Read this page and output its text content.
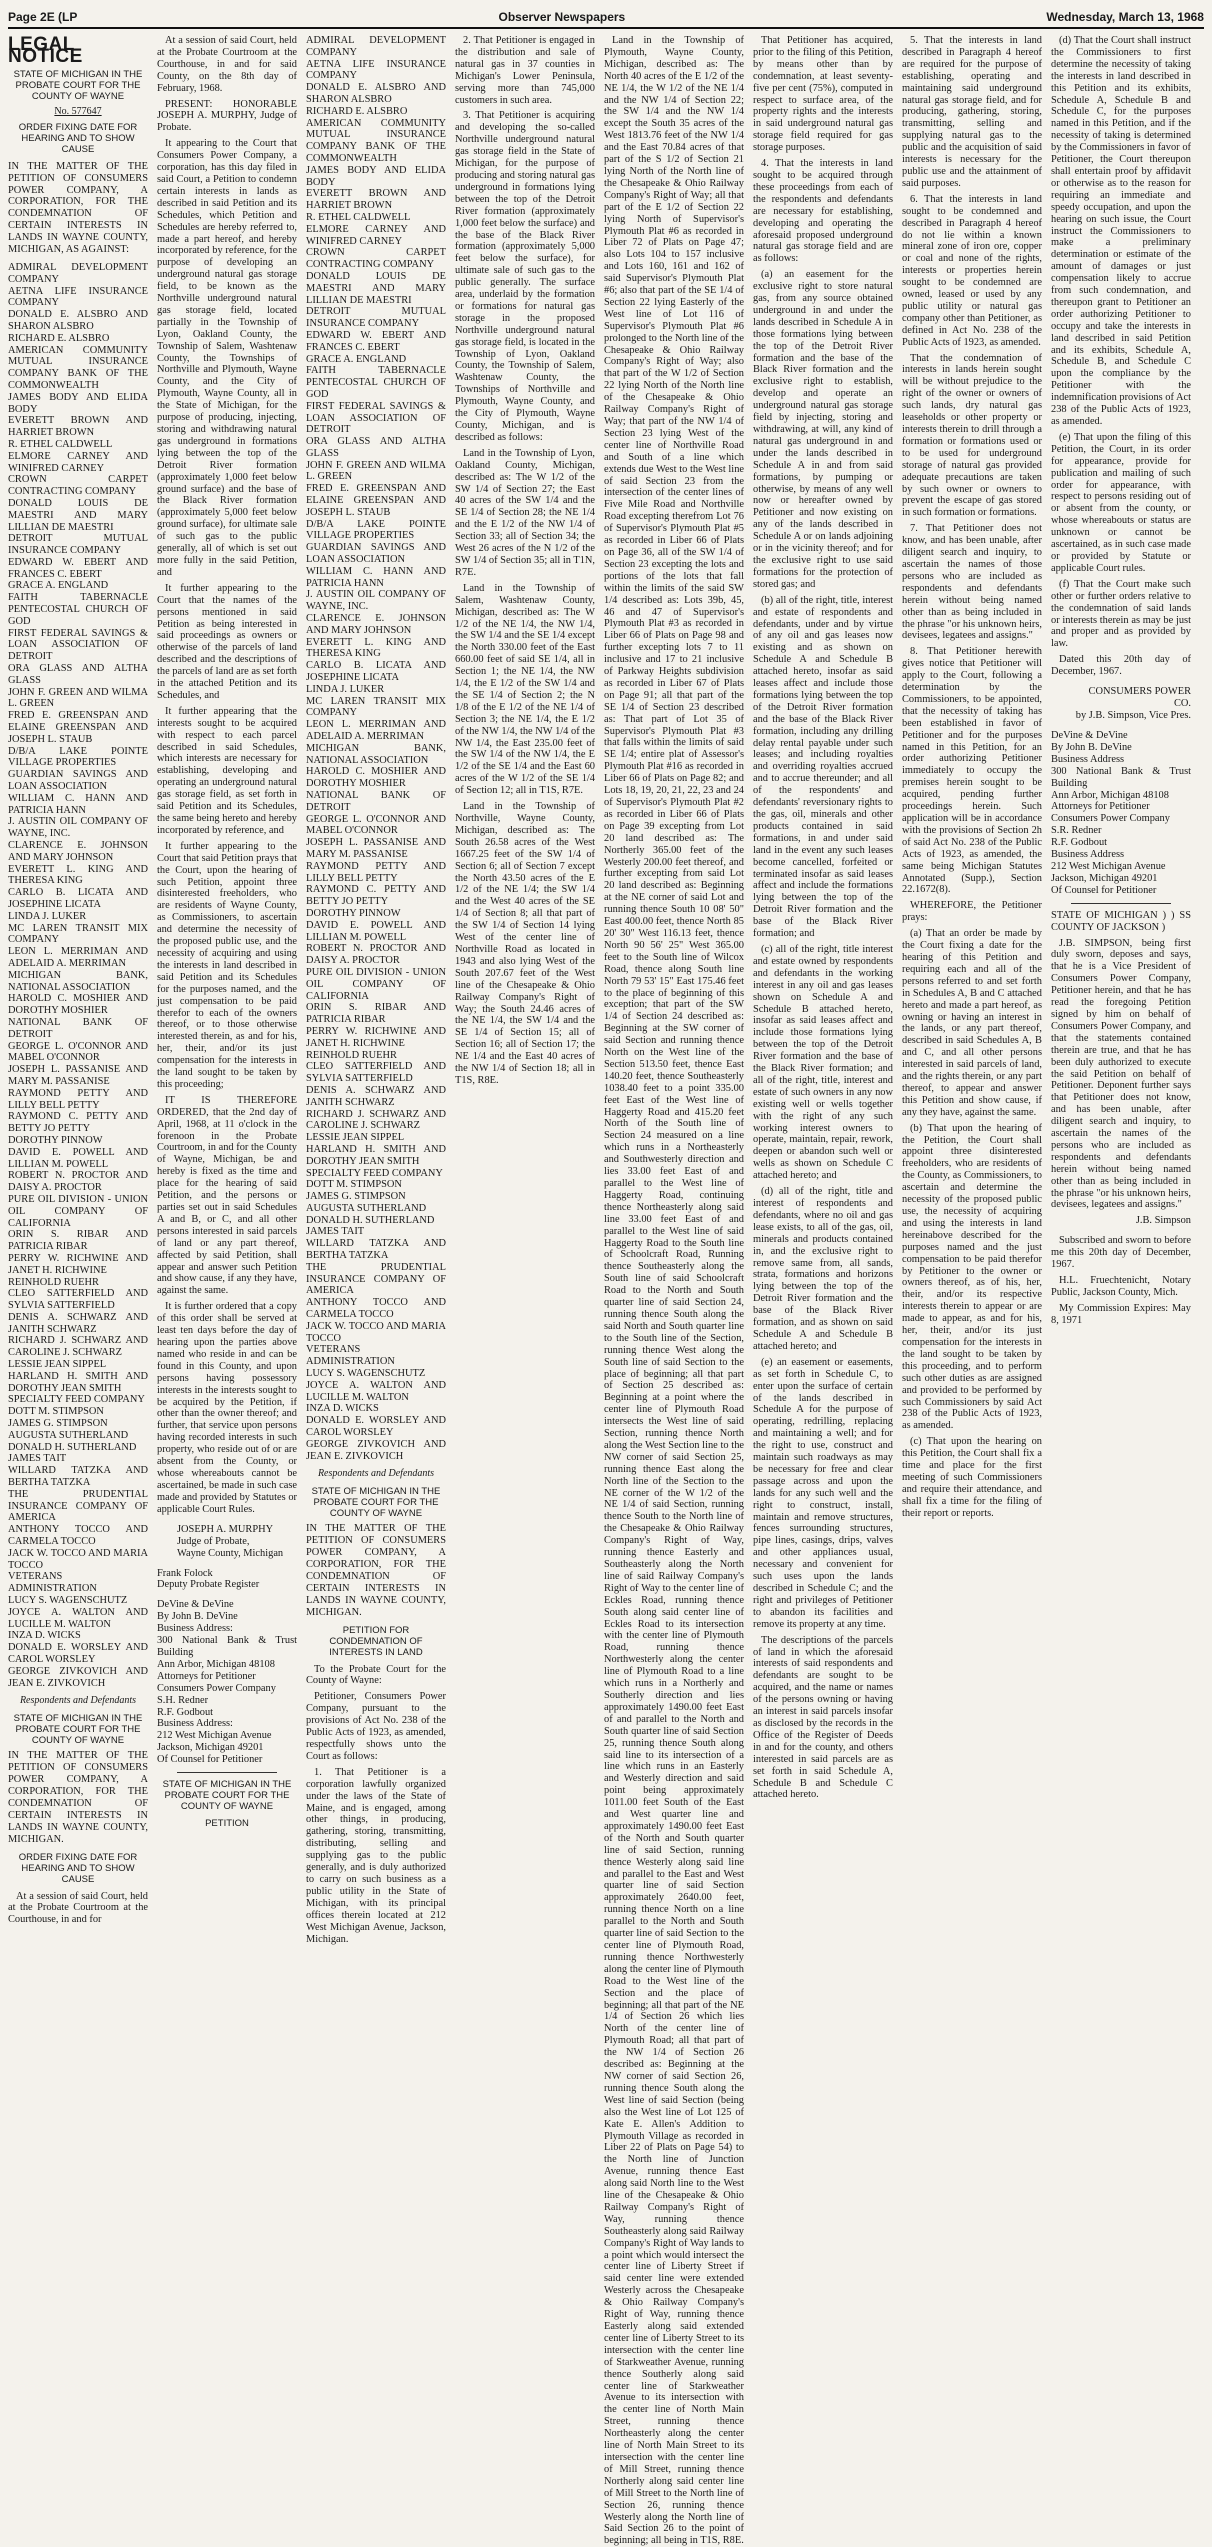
Page 2E (LP	Observer Newspapers	Wednesday, March 13, 1968
LEGAL NOTICE
STATE OF MICHIGAN IN THE PROBATE COURT FOR THE COUNTY OF WAYNE
No. 577647
ORDER FIXING DATE FOR HEARING AND TO SHOW CAUSE
IN THE MATTER OF THE PETITION OF CONSUMERS POWER COMPANY, A CORPORATION, FOR THE CONDEMNATION OF CERTAIN INTERESTS IN LANDS IN WAYNE COUNTY, MICHIGAN, AS AGAINST:
ADMIRAL DEVELOPMENT COMPANY
AETNA LIFE INSURANCE COMPANY
DONALD E. ALSBRO AND SHARON ALSBRO
RICHARD E. ALSBRO
AMERICAN COMMUNITY MUTUAL INSURANCE COMPANY BANK OF THE COMMONWEALTH
JAMES BODY AND ELIDA BODY
EVERETT BROWN AND HARRIET BROWN
R. ETHEL CALDWELL
ELMORE CARNEY AND WINIFRED CARNEY
CROWN CARPET CONTRACTING COMPANY
DONALD LOUIS DE MAESTRI AND MARY LILLIAN DE MAESTRI
DETROIT MUTUAL INSURANCE COMPANY
EDWARD W. EBERT AND FRANCES C. EBERT
GRACE A. ENGLAND
FAITH TABERNACLE PENTECOSTAL CHURCH OF GOD
FIRST FEDERAL SAVINGS & LOAN ASSOCIATION OF DETROIT
ORA GLASS AND ALTHA GLASS
JOHN F. GREEN AND WILMA L. GREEN
FRED E. GREENSPAN AND ELAINE GREENSPAN AND JOSEPH L. STAUB
D/B/A LAKE POINTE VILLAGE PROPERTIES
GUARDIAN SAVINGS AND LOAN ASSOCIATION
WILLIAM C. HANN AND PATRICIA HANN
J. AUSTIN OIL COMPANY OF WAYNE, INC.
CLARENCE E. JOHNSON AND MARY JOHNSON
EVERETT L. KING AND THERESA KING
CARLO B. LICATA AND JOSEPHINE LICATA
LINDA J. LUKER
MC LAREN TRANSIT MIX COMPANY
LEON L. MERRIMAN AND ADELAID A. MERRIMAN
MICHIGAN BANK, NATIONAL ASSOCIATION
HAROLD C. MOSHIER AND DOROTHY MOSHIER
NATIONAL BANK OF DETROIT
GEORGE L. O'CONNOR AND MABEL O'CONNOR
JOSEPH L. PASSANISE AND MARY M. PASSANISE
RAYMOND PETTY AND LILLY BELL PETTY
RAYMOND C. PETTY AND BETTY JO PETTY
DOROTHY PINNOW
DAVID E. POWELL AND LILLIAN M. POWELL
ROBERT N. PROCTOR AND DAISY A. PROCTOR
PURE OIL DIVISION - UNION OIL COMPANY OF CALIFORNIA
ORIN S. RIBAR AND PATRICIA RIBAR
PERRY W. RICHWINE AND JANET H. RICHWINE
REINHOLD RUEHR
CLEO SATTERFIELD AND SYLVIA SATTERFIELD
DENIS A. SCHWARZ AND JANITH SCHWARZ
RICHARD J. SCHWARZ AND CAROLINE J. SCHWARZ
LESSIE JEAN SIPPEL
HARLAND H. SMITH AND DOROTHY JEAN SMITH
SPECIALTY FEED COMPANY
DOTT M. STIMPSON
JAMES G. STIMPSON
AUGUSTA SUTHERLAND
DONALD H. SUTHERLAND
JAMES TAIT
WILLARD TATZKA AND BERTHA TATZKA
THE PRUDENTIAL INSURANCE COMPANY OF AMERICA
ANTHONY TOCCO AND CARMELA TOCCO
JACK W. TOCCO AND MARIA TOCCO
VETERANS ADMINISTRATION
LUCY S. WAGENSCHUTZ
JOYCE A. WALTON AND LUCILLE M. WALTON
INZA D. WICKS
DONALD E. WORSLEY AND CAROL WORSLEY
GEORGE ZIVKOVICH AND JEAN E. ZIVKOVICH
Respondents and Defendants
STATE OF MICHIGAN IN THE PROBATE COURT FOR THE COUNTY OF WAYNE
IN THE MATTER OF THE PETITION OF CONSUMERS POWER COMPANY, A CORPORATION, FOR THE CONDEMNATION OF CERTAIN INTERESTS IN LANDS IN WAYNE COUNTY, MICHIGAN.
ORDER FIXING DATE FOR HEARING AND TO SHOW CAUSE

At a session of said Court, held at the Probate Courtroom at the Courthouse, in and for

At a session of said Court, held at the Probate Courtroom at the Courthouse, in and for said County, on the 8th day of February, 1968.

PRESENT: HONORABLE JOSEPH A. MURPHY, Judge of Probate.

It appearing to the Court that Consumers Power Company, a corporation, has this day filed in said Court, a Petition to condemn certain interests in lands as described in said Petition and its Schedules, which Petition and Schedules are hereby referred to, made a part hereof, and hereby incorporated by reference, for the purpose of developing an underground natural gas storage field, to be known as the Northville underground natural gas storage field, located partially in the Township of Lyon, Oakland County, the Township of Salem, Washtenaw County, the Townships of Northville and Plymouth, Wayne County, and the City of Plymouth, Wayne County, all in the State of Michigan, for the purpose of producing, injecting, storing and withdrawing natural gas underground in formations lying between the top of the Detroit River formation (approximately 1,000 feet below ground surface) and the base of the Black River formation (approximately 5,000 feet below ground surface), for ultimate sale of such gas to the public generally, all of which is set out more fully in the said Petition, and

It further appearing to the Court that the names of the persons mentioned in said Petition as being interested in said proceedings as owners or otherwise of the parcels of land described and the descriptions of the parcels of land are as set forth in the attached Petition and its Schedules, and

It further appearing that the interests sought to be acquired with respect to each parcel described in said Schedules, which interests are necessary for establishing, developing and operating an underground natural gas storage field, as set forth in said Petition and its Schedules, the same being hereto and hereby incorporated by reference, and

It further appearing to the Court that said Petition prays that the Court, upon the hearing of such Petition, appoint three disinterested freeholders, who are residents of Wayne County, as Commissioners, to ascertain and determine the necessity of the proposed public use, and the necessity of acquiring and using the interests in land described in said Petition and its Schedules for the purposes named, and the just compensation to be paid therefor to each of the owners thereof, or to those otherwise interested therein, as and for his, her, their, and/or its just compensation for the interests in the land sought to be taken by this proceeding;

IT IS THEREFORE ORDERED, that the 2nd day of April, 1968, at 11 o'clock in the forenoon in the Probate Courtroom, in and for the County of Wayne, Michigan, be and hereby is fixed as the time and place for the hearing of said Petition, and the persons or parties set out in said Schedules A and B, or C, and all other persons interested in said parcels of land or any part thereof, affected by said Petition, shall appear and answer such Petition and show cause, if any they have, against the same.

It is further ordered that a copy of this order shall be served at least ten days before the day of hearing upon the parties above named who reside in and can be found in this County, and upon persons having possessory interests in the interests sought to be acquired by the Petition, if other than the owner thereof; and further, that service upon persons having recorded interests in such property, who reside out of or are absent from the County, or whose whereabouts cannot be ascertained, be made in such case made and provided by Statutes or applicable Court Rules.

JOSEPH A. MURPHY
Judge of Probate,
Wayne County, Michigan
Frank Folock
Deputy Probate Register
DeVine & DeVine
By John B. DeVine
Business Address:
300 National Bank & Trust Building
Ann Arbor, Michigan 48108
Attorneys for Petitioner
Consumers Power Company
S.H. Redner
R.F. Godbout
Business Address:
212 West Michigan Avenue
Jackson, Michigan 49201
Of Counsel for Petitioner
STATE OF MICHIGAN IN THE PROBATE COURT FOR THE COUNTY OF WAYNE
PETITION
ADMIRAL DEVELOPMENT COMPANY
AETNA LIFE INSURANCE COMPANY
DONALD E. ALSBRO AND SHARON ALSBRO
RICHARD E. ALSBRO
AMERICAN COMMUNITY MUTUAL INSURANCE COMPANY BANK OF THE COMMONWEALTH
JAMES BODY AND ELIDA BODY
EVERETT BROWN AND HARRIET BROWN
R. ETHEL CALDWELL
ELMORE CARNEY AND WINIFRED CARNEY
CROWN CARPET CONTRACTING COMPANY
DONALD LOUIS DE MAESTRI AND MARY LILLIAN DE MAESTRI
DETROIT MUTUAL INSURANCE COMPANY
EDWARD W. EBERT AND FRANCES C. EBERT
GRACE A. ENGLAND
FAITH TABERNACLE PENTECOSTAL CHURCH OF GOD
FIRST FEDERAL SAVINGS & LOAN ASSOCIATION OF DETROIT
ORA GLASS AND ALTHA GLASS
JOHN F. GREEN AND WILMA L. GREEN
FRED E. GREENSPAN AND ELAINE GREENSPAN AND JOSEPH L. STAUB
D/B/A LAKE POINTE VILLAGE PROPERTIES
GUARDIAN SAVINGS AND LOAN ASSOCIATION
WILLIAM C. HANN AND PATRICIA HANN
J. AUSTIN OIL COMPANY OF WAYNE, INC.
CLARENCE E. JOHNSON AND MARY JOHNSON
EVERETT L. KING AND THERESA KING
CARLO B. LICATA AND JOSEPHINE LICATA
LINDA J. LUKER
MC LAREN TRANSIT MIX COMPANY
LEON L. MERRIMAN AND ADELAID A. MERRIMAN
MICHIGAN BANK, NATIONAL ASSOCIATION
HAROLD C. MOSHIER AND DOROTHY MOSHIER
NATIONAL BANK OF DETROIT
GEORGE L. O'CONNOR AND MABEL O'CONNOR
JOSEPH L. PASSANISE AND MARY M. PASSANISE
RAYMOND PETTY AND LILLY BELL PETTY
RAYMOND C. PETTY AND BETTY JO PETTY
DOROTHY PINNOW
DAVID E. POWELL AND LILLIAN M. POWELL
ROBERT N. PROCTOR AND DAISY A. PROCTOR
PURE OIL DIVISION - UNION OIL COMPANY OF CALIFORNIA
ORIN S. RIBAR AND PATRICIA RIBAR
PERRY W. RICHWINE AND JANET H. RICHWINE
REINHOLD RUEHR
CLEO SATTERFIELD AND SYLVIA SATTERFIELD
DENIS A. SCHWARZ AND JANITH SCHWARZ
RICHARD J. SCHWARZ AND CAROLINE J. SCHWARZ
LESSIE JEAN SIPPEL
HARLAND H. SMITH AND DOROTHY JEAN SMITH
SPECIALTY FEED COMPANY
DOTT M. STIMPSON
JAMES G. STIMPSON
AUGUSTA SUTHERLAND
DONALD H. SUTHERLAND
JAMES TAIT
WILLARD TATZKA AND BERTHA TATZKA
THE PRUDENTIAL INSURANCE COMPANY OF AMERICA
ANTHONY TOCCO AND CARMELA TOCCO
JACK W. TOCCO AND MARIA TOCCO
VETERANS ADMINISTRATION
LUCY S. WAGENSCHUTZ
JOYCE A. WALTON AND LUCILLE M. WALTON
INZA D. WICKS
DONALD E. WORSLEY AND CAROL WORSLEY
GEORGE ZIVKOVICH AND JEAN E. ZIVKOVICH
Respondents and Defendants
STATE OF MICHIGAN IN THE PROBATE COURT FOR THE COUNTY OF WAYNE
IN THE MATTER OF THE PETITION OF CONSUMERS POWER COMPANY, A CORPORATION, FOR THE CONDEMNATION OF CERTAIN INTERESTS IN LANDS IN WAYNE COUNTY, MICHIGAN.
PETITION FOR CONDEMNATION OF INTERESTS IN LAND

To the Probate Court for the County of Wayne:

Petitioner, Consumers Power Company, pursuant to the provisions of Act No. 238 of the Public Acts of 1923, as amended, respectfully shows unto the Court as follows:

1. That Petitioner is a corporation lawfully organized under the laws of the State of Maine, and is engaged, among other things, in producing, gathering, storing, transmitting, distributing, selling and supplying gas to the public generally, and is duly authorized to carry on such business as a public utility in the State of Michigan, with its principal offices therein located at 212 West Michigan Avenue, Jackson, Michigan.

2. That Petitioner is engaged in the distribution and sale of natural gas in 37 counties in Michigan's Lower Peninsula, serving more than 745,000 customers in such area.

3. That Petitioner is acquiring and developing the so-called Northville underground natural gas storage field in the State of Michigan, for the purpose of producing and storing natural gas underground in formations lying between the top of the Detroit River formation (approximately 1,000 feet below the surface) and the base of the Black River formation (approximately 5,000 feet below the surface), for ultimate sale of such gas to the public generally. The surface area, underlaid by the formation or formations for natural gas storage in the proposed Northville underground natural gas storage field, is located in the Township of Lyon, Oakland County, the Township of Salem, Washtenaw County, the Townships of Northville and Plymouth, Wayne County, and the City of Plymouth, Wayne County, Michigan, and is described as follows:

Land in the Township of Lyon, Oakland County, Michigan, described as: The W 1/2 of the SW 1/4 of Section 27; the East 40 acres of the SW 1/4 and the SE 1/4 of Section 28; the NE 1/4 and the E 1/2 of the NW 1/4 of Section 33; all of Section 34; the West 26 acres of the N 1/2 of the SW 1/4 of Section 35; all in T1N, R7E.

Land in the Township of Salem, Washtenaw County, Michigan, described as: The W 1/2 of the NE 1/4, the NW 1/4, the SW 1/4 and the SE 1/4 except the North 330.00 feet of the East 660.00 feet of said SE 1/4, all in Section 1; the NE 1/4, the NW 1/4, the E 1/2 of the SW 1/4 and the SE 1/4 of Section 2; the N 1/8 of the E 1/2 of the NE 1/4 of Section 3; the NE 1/4, the E 1/2 of the NW 1/4, the NW 1/4 of the NW 1/4, the East 235.00 feet of the SW 1/4 of the NW 1/4, the E 1/2 of the SE 1/4 and the East 60 acres of the W 1/2 of the SE 1/4 of Section 12; all in T1S, R7E.

Land in the Township of Northville, Wayne County, Michigan, described as: The South 26.58 acres of the West 1667.25 feet of the SW 1/4 of Section 6; all of Section 7 except the North 43.50 acres of the E 1/2 of the NE 1/4; the SW 1/4 and the West 40 acres of the SE 1/4 of Section 8; all that part of the SW 1/4 of Section 14 lying West of the center line of Northville Road as located in 1943 and also lying West of the South 207.67 feet of the West line of the Chesapeake & Ohio Railway Company's Right of Way; the South 24.46 acres of the NE 1/4, the SW 1/4 and the SE 1/4 of Section 15; all of Section 16; all of Section 17; the NE 1/4 and the East 40 acres of the NW 1/4 of Section 18; all in T1S, R8E.

Land in the Township of Plymouth, Wayne County, Michigan, described as: The North 40 acres of the E 1/2 of the NE 1/4, the W 1/2 of the NE 1/4 and the NW 1/4 of Section 22; the SW 1/4 and the NW 1/4 except the South 35 acres of the West 1813.76 feet of the NW 1/4 and the East 70.84 acres of that part of the S 1/2 of Section 21 lying North of the North line of the Chesapeake & Ohio Railway Company's Right of Way; all that part of the E 1/2 of Section 22 lying North of Supervisor's Plymouth Plat #6 as recorded in Liber 72 of Plats on Page 47; also Lots 104 to 157 inclusive and Lots 160, 161 and 162 of said Supervisor's Plymouth Plat #6; also that part of the SE 1/4 of Section 22 lying Easterly of the West line of Lot 116 of Supervisor's Plymouth Plat #6 prolonged to the North line of the Chesapeake & Ohio Railway Company's Right of Way; also that part of the W 1/2 of Section 22 lying North of the North line of the Chesapeake & Ohio Railway Company's Right of Way; that part of the NW 1/4 of Section 23 lying West of the center line of Northville Road and South of a line which extends due West to the West line of said Section 23 from the intersection of the center lines of Five Mile Road and Northville Road excepting therefrom Lot 76 of Supervisor's Plymouth Plat #5 as recorded in Liber 66 of Plats on Page 36, all of the SW 1/4 of Section 23 excepting the lots and portions of the lots that fall within the limits of the said SW 1/4 described as: Lots 39b, 45, 46 and 47 of Supervisor's Plymouth Plat #3 as recorded in Liber 66 of Plats on Page 98 and further excepting lots 7 to 11 inclusive and 17 to 21 inclusive of Parkway Heights subdivision as recorded in Liber 67 of Plats on Page 91; all that part of the SE 1/4 of Section 23 described as: That part of Lot 35 of Supervisor's Plymouth Plat #3 that falls within the limits of said SE 1/4; entire plat of Assessor's Plymouth Plat #16 as recorded in Liber 66 of Plats on Page 82; and Lots 18, 19, 20, 21, 22, 23 and 24 of Supervisor's Plymouth Plat #2 as recorded in Liber 66 of Plats on Page 39 excepting from Lot 20 land described as: The Northerly 365.00 feet of the Westerly 200.00 feet thereof, and further excepting from said Lot 20 land described as: Beginning at the NE corner of said Lot and running thence South 10 08' 50" East 400.00 feet, thence North 85 20' 30" West 116.13 feet, thence North 90 56' 25" West 365.00 feet to the South line of Wilcox Road, thence along South line North 79 53' 15" East 175.46 feet to the place of beginning of this exception; that part of the SW 1/4 of Section 24 described as: Beginning at the SW corner of said Section and running thence North on the West line of the Section 513.50 feet, thence East 140.20 feet, thence Southeasterly 1038.40 feet to a point 335.00 feet East of the West line of Haggerty Road and 415.20 feet North of the South line of Section 24 measured on a line which runs in a Northeasterly and Southwesterly direction and lies 33.00 feet East of and parallel to the West line of Haggerty Road, continuing thence Northeasterly along said line 33.00 feet East of and parallel to the West line of said Haggerty Road to the South line of Schoolcraft Road, Running thence Southeasterly along the South line of said Schoolcraft Road to the North and South quarter line of said Section 24, running thence South along the said North and South quarter line to the South line of the Section, running thence West along the South line of said Section to the place of beginning; all that part of Section 25 described as: Beginning at a point where the center line of Plymouth Road intersects the West line of said Section, running thence North along the West Section line to the NW corner of said Section 25, running thence East along the North line of the Section to the NE corner of the W 1/2 of the NE 1/4 of said Section, running thence South to the North line of the Chesapeake & Ohio Railway Company's Right of Way, running thence Easterly and Southeasterly along the North line of said Railway Company's Right of Way to the center line of Eckles Road, running thence South along said center line of Eckles Road to its intersection with the center line of Plymouth Road, running thence Northwesterly along the center line of Plymouth Road to a line which runs in a Northerly and Southerly direction and lies approximately 1490.00 feet East of and parallel to the North and South quarter line of said Section 25, running thence South along said line to its intersection of a line which runs in an Easterly and Westerly direction and said point being approximately 1011.00 feet South of the East and West quarter line and approximately 1490.00 feet East of the North and South quarter line of said Section, running thence Westerly along said line and parallel to the East and West quarter line of said Section approximately 2640.00 feet, running thence North on a line parallel to the North and South quarter line of said Section to the center line of Plymouth Road, running thence Northwesterly along the center line of Plymouth Road to the West line of the Section and the place of beginning; all that part of the NE 1/4 of Section 26 which lies North of the center line of Plymouth Road; all that part of the NW 1/4 of Section 26 described as: Beginning at the NW corner of said Section 26, running thence South along the West line of said Section (being also the West line of Lot 125 of Kate E. Allen's Addition to Plymouth Village as recorded in Liber 22 of Plats on Page 54) to the North line of Junction Avenue, running thence East along said North line to the West line of the Chesapeake & Ohio Railway Company's Right of Way, running thence Southeasterly along said Railway Company's Right of Way lands to a point which would intersect the center line of Liberty Street if said center line were extended Westerly across the Chesapeake & Ohio Railway Company's Right of Way, running thence Easterly along said extended center line of Liberty Street to its intersection with the center line of Starkweather Avenue, running thence Southerly along said center line of Starkweather Avenue to its intersection with the center line of North Main Street, running thence Northeasterly along the center line of North Main Street to its intersection with the center line of Mill Street, running thence Northerly along said center line of Mill Street to the North line of Section 26, running thence Westerly along the North line of Said Section 26 to the point of beginning; all being in T1S, R8E.

That Petitioner has acquired, prior to the filing of this Petition, by means other than by condemnation, at least seventy-five per cent (75%), computed in respect to surface area, of the property rights and the interests in said underground natural gas storage field required for gas storage purposes.

4. That the interests in land sought to be acquired through these proceedings from each of the respondents and defendants are necessary for establishing, developing and operating the aforesaid proposed underground natural gas storage field and are as follows:

(a) an easement for the exclusive right to store natural gas, from any source obtained underground in and under the lands described in Schedule A in those formations lying between the top of the Detroit River formation and the base of the Black River formation and the exclusive right to establish, develop and operate an underground natural gas storage field by injecting, storing and withdrawing, at will, any kind of natural gas underground in and under the lands described in Schedule A in and from said formations, by pumping or otherwise, by means of any well now or hereafter owned by Petitioner and now existing on any of the lands described in Schedule A or on lands adjoining or in the vicinity thereof; and for the exclusive right to use said formations for the protection of stored gas; and

(b) all of the right, title, interest and estate of respondents and defendants, under and by virtue of any oil and gas leases now existing and as shown on Schedule A and Schedule B attached hereto, insofar as said leases affect and include those formations lying between the top of the Detroit River formation and the base of the Black River formation, including any drilling delay rental payable under such leases; and including royalties and overriding royalties accrued and to accrue thereunder; and all of the respondents' and defendants' reversionary rights to the gas, oil, minerals and other products contained in said formations, in and under said land in the event any such leases become cancelled, forfeited or terminated insofar as said leases affect and include the formations lying between the top of the Detroit River formation and the base of the Black River formation; and

(c) all of the right, title interest and estate owned by respondents and defendants in the working interest in any oil and gas leases shown on Schedule A and Schedule B attached hereto, insofar as said leases affect and include those formations lying between the top of the Detroit River formation and the base of the Black River formation; and all of the right, title, interest and estate of such owners in any now existing well or wells together with the right of any such working interest owners to operate, maintain, repair, rework, deepen or abandon such well or wells as shown on Schedule C attached hereto; and

(d) all of the right, title and interest of respondents and defendants, where no oil and gas lease exists, to all of the gas, oil, minerals and products contained in, and the exclusive right to remove same from, all sands, strata, formations and horizons lying between the top of the Detroit River formation and the base of the Black River formation, and as shown on said Schedule A and Schedule B attached hereto; and

(e) an easement or easements, as set forth in Schedule C, to enter upon the surface of certain of the lands described in Schedule A for the purpose of operating, redrilling, replacing and maintaining a well; and for the right to use, construct and maintain such roadways as may be necessary for free and clear passage across and upon the lands for any such well and the right to construct, install, maintain and remove structures, fences surrounding structures, pipe lines, casings, drips, valves and other appliances usual, necessary and convenient for such uses upon the lands described in Schedule C; and the right and privileges of Petitioner to abandon its facilities and remove its property at any time.

The descriptions of the parcels of land in which the aforesaid interests of said respondents and defendants are sought to be acquired, and the name or names of the persons owning or having an interest in said parcels insofar as disclosed by the records in the Office of the Register of Deeds in and for the county, and others interested in said parcels are as set forth in said Schedule A, Schedule B and Schedule C attached hereto.

5. That the interests in land described in Paragraph 4 hereof are required for the purpose of establishing, operating and maintaining said underground natural gas storage field, and for producing, gathering, storing, transmitting, selling and supplying natural gas to the public and the acquisition of said interests is necessary for the public use and the attainment of said purposes.

6. That the interests in land sought to be condemned and described in Paragraph 4 hereof do not lie within a known mineral zone of iron ore, copper or coal and none of the rights, interests or properties herein sought to be condemned are owned, leased or used by any public utility or natural gas company other than Petitioner, as defined in Act No. 238 of the Public Acts of 1923, as amended.

That the condemnation of interests in lands herein sought will be without prejudice to the right of the owner or owners of such lands, dry natural gas leaseholds or other property or interests therein to drill through a formation or formations used or to be used for underground storage of natural gas provided adequate precautions are taken by such owner or owners to prevent the escape of gas stored in such formation or formations.

7. That Petitioner does not know, and has been unable, after diligent search and inquiry, to ascertain the names of those persons who are included as respondents and defendants herein without being named other than as being included in the phrase "or his unknown heirs, devisees, legatees and assigns."

8. That Petitioner herewith gives notice that Petitioner will apply to the Court, following a determination by the Commissioners, to be appointed, that the necessity of taking has been established in favor of Petitioner and for the purposes named in this Petition, for an order authorizing Petitioner immediately to occupy the premises herein sought to be acquired, pending further proceedings herein. Such application will be in accordance with the provisions of Section 2h of said Act No. 238 of the Public Acts of 1923, as amended, the same being Michigan Statutes Annotated (Supp.), Section 22.1672(8).

WHEREFORE, the Petitioner prays:

(a) That an order be made by the Court fixing a date for the hearing of this Petition and requiring each and all of the persons referred to and set forth in Schedules A, B and C attached hereto and made a part hereof, as owning or having an interest in the lands, or any part thereof, described in said Schedules A, B and C, and all other persons interested in said parcels of land, and the rights therein, or any part thereof, to appear and answer this Petition and show cause, if any they have, against the same.

(b) That upon the hearing of the Petition, the Court shall appoint three disinterested freeholders, who are residents of the County, as Commissioners, to ascertain and determine the necessity of the proposed public use, the necessity of acquiring and using the interests in land hereinabove described for the purposes named and the just compensation to be paid therefor by Petitioner to the owner or owners thereof, as of his, her, their, and/or its respective interests therein to appear or are made to appear, as and for his, her, their, and/or its just compensation for the interests in the land sought to be taken by this proceeding, and to perform such other duties as are assigned and provided to be performed by such Commissioners by said Act 238 of the Public Acts of 1923, as amended.

(c) That upon the hearing on this Petition, the Court shall fix a time and place for the first meeting of such Commissioners and require their attendance, and shall fix a time for the filing of their report or reports.

(d) That the Court shall instruct the Commissioners to first determine the necessity of taking the interests in land described in this Petition and its exhibits, Schedule A, Schedule B and Schedule C, for the purposes named in this Petition, and if the necessity of taking is determined by the Commissioners in favor of Petitioner, the Court thereupon shall entertain proof by affidavit or otherwise as to the reason for requiring an immediate and speedy occupation, and upon the hearing on such issue, the Court instruct the Commissioners to make a preliminary determination or estimate of the amount of damages or just compensation likely to accrue from such condemnation, and thereupon grant to Petitioner an order authorizing Petitioner to occupy and take the interests in land described in said Petition and its exhibits, Schedule A, Schedule B, and Schedule C upon the compliance by the Petitioner with the indemnification provisions of Act 238 of the Public Acts of 1923, as amended.

(e) That upon the filing of this Petition, the Court, in its order for appearance, provide for publication and mailing of such order for appearance, with respect to persons residing out of or absent from the county, or whose whereabouts or status are unknown or cannot be ascertained, as in such case made or provided by Statute or applicable Court rules.

(f) That the Court make such other or further orders relative to the condemnation of said lands or interests therein as may be just and proper and as provided by law.

Dated this 20th day of December, 1967.

CONSUMERS POWER CO.
by J.B. Simpson, Vice Pres.
DeVine & DeVine
By John B. DeVine
Business Address
300 National Bank & Trust Building
Ann Arbor, Michigan 48108
Attorneys for Petitioner
Consumers Power Company
S.R. Redner
R.F. Godbout
Business Address
212 West Michigan Avenue
Jackson, Michigan 49201
Of Counsel for Petitioner
STATE OF MICHIGAN ) ) SS COUNTY OF JACKSON )

J.B. SIMPSON, being first duly sworn, deposes and says, that he is a Vice President of Consumers Power Company, Petitioner herein, and that he has read the foregoing Petition signed by him on behalf of Consumers Power Company, and that the statements contained therein are true, and that he has been duly authorized to execute the said Petition on behalf of Petitioner. Deponent further says that Petitioner does not know, and has been unable, after diligent search and inquiry, to ascertain the names of the persons who are included as respondents and defendants herein without being named other than as being included in the phrase "or his unknown heirs, devisees, legatees and assigns."

J.B. Simpson

Subscribed and sworn to before me this 20th day of December, 1967.

H.L. Fruechtenicht, Notary Public, Jackson County, Mich.

My Commission Expires: May 8, 1971
